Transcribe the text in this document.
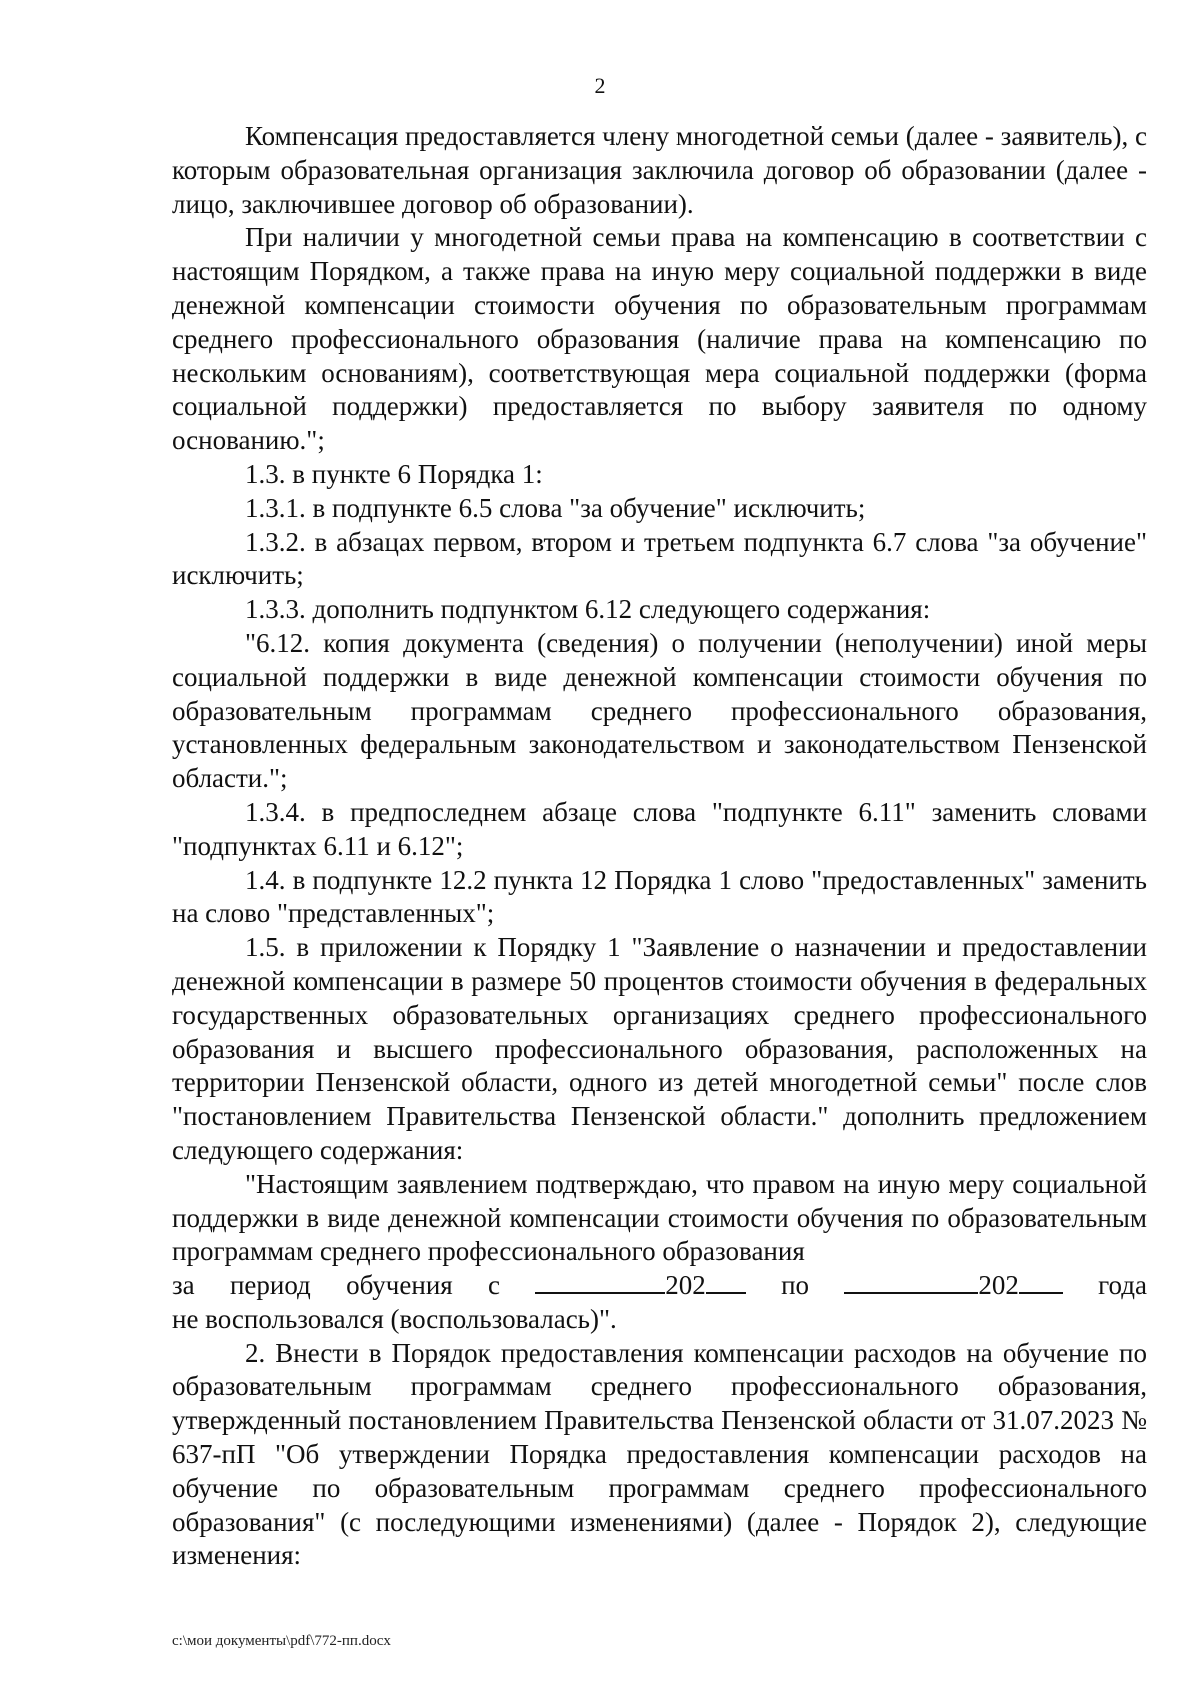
2

Компенсация предоставляется члену многодетной семьи (далее - заявитель), с которым образовательная организация заключила договор об образовании (далее - лицо, заключившее договор об образовании).

При наличии у многодетной семьи права на компенсацию в соответствии с настоящим Порядком, а также права на иную меру социальной поддержки в виде денежной компенсации стоимости обучения по образовательным программам среднего профессионального образования (наличие права на компенсацию по нескольким основаниям), соответствующая мера социальной поддержки (форма социальной поддержки) предоставляется по выбору заявителя по одному основанию.";

1.3. в пункте 6 Порядка 1:

1.3.1. в подпункте 6.5 слова "за обучение" исключить;

1.3.2. в абзацах первом, втором и третьем подпункта 6.7 слова "за обучение" исключить;

1.3.3. дополнить подпунктом 6.12 следующего содержания:

"6.12. копия документа (сведения) о получении (неполучении) иной меры социальной поддержки в виде денежной компенсации стоимости обучения по образовательным программам среднего профессионального образования, установленных федеральным законодательством и законодательством Пензенской области.";

1.3.4. в предпоследнем абзаце слова "подпункте 6.11" заменить словами "подпунктах 6.11 и 6.12";

1.4. в подпункте 12.2 пункта 12 Порядка 1 слово "предоставленных" заменить на слово "представленных";

1.5. в приложении к Порядку 1 "Заявление о назначении и предоставлении денежной компенсации в размере 50 процентов стоимости обучения в федеральных государственных образовательных организациях среднего профессионального образования и высшего профессионального образования, расположенных на территории Пензенской области, одного из детей многодетной семьи" после слов "постановлением Правительства Пензенской области." дополнить предложением следующего содержания:

"Настоящим заявлением подтверждаю, что правом на иную меру социальной поддержки в виде денежной компенсации стоимости обучения по образовательным программам среднего профессионального образования

за период обучения с	202	по	202	года

не воспользовался (воспользовалась)".

2. Внести в Порядок предоставления компенсации расходов на обучение по образовательным программам среднего профессионального образования, утвержденный постановлением Правительства Пензенской области от 31.07.2023 № 637-пП "Об утверждении Порядка предоставления компенсации расходов на обучение по образовательным программам среднего профессионального образования" (с последующими изменениями) (далее - Порядок 2), следующие изменения:

c:\мои документы\pdf\772-пп.docx
